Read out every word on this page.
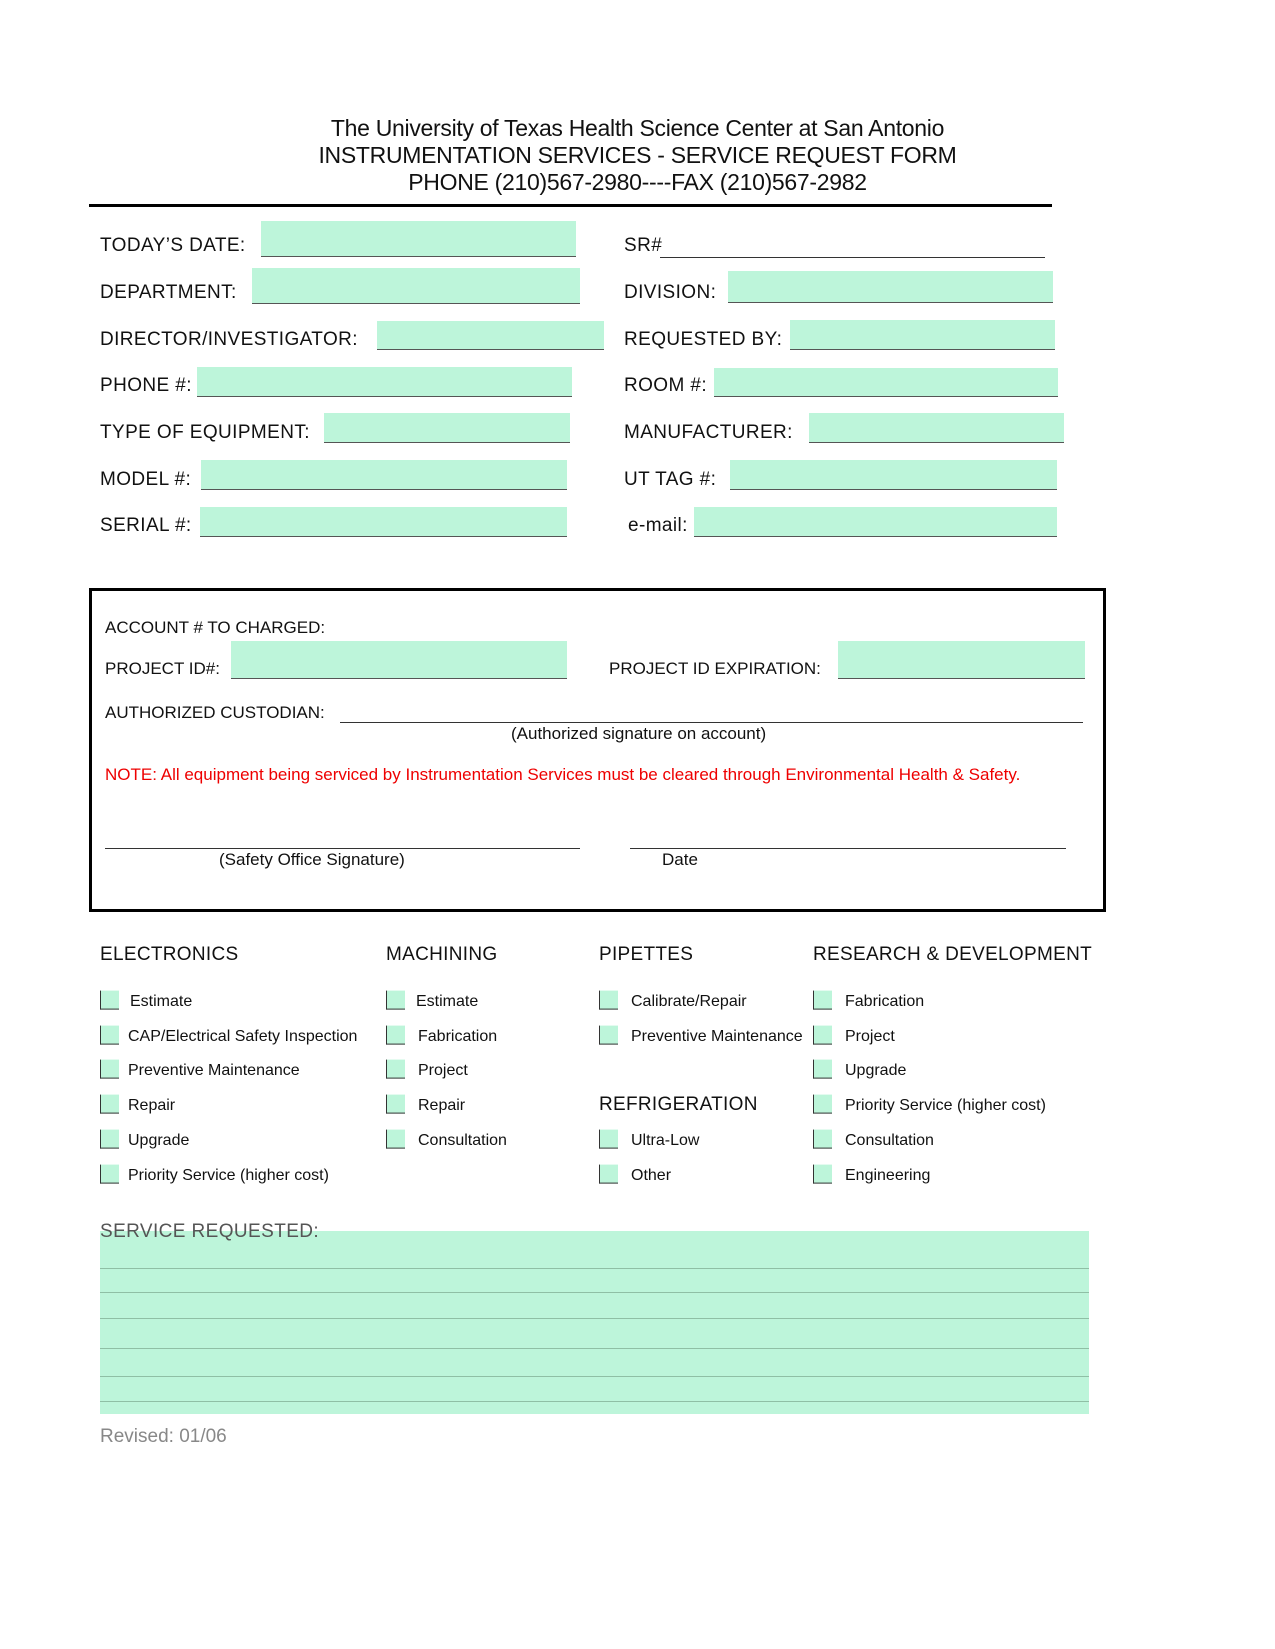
The University of Texas Health Science Center at San Antonio
INSTRUMENTATION SERVICES - SERVICE REQUEST FORM
PHONE (210)567-2980----FAX (210)567-2982
TODAY’S DATE:
DEPARTMENT:
DIRECTOR/INVESTIGATOR:
PHONE #:
TYPE OF EQUIPMENT:
MODEL #:
SERIAL #:
SR#
DIVISION:
REQUESTED BY:
ROOM #:
MANUFACTURER:
UT TAG #:
e-mail:
ACCOUNT # TO CHARGED:
PROJECT ID#:	PROJECT ID EXPIRATION:
AUTHORIZED CUSTODIAN:
(Authorized signature on account)
NOTE: All equipment being serviced by Instrumentation Services must be cleared through Environmental Health & Safety.
(Safety Office Signature)	Date
ELECTRONICS
Estimate
CAP/Electrical Safety Inspection
Preventive Maintenance
Repair
Upgrade
Priority Service (higher cost)
MACHINING
Estimate
Fabrication
Project
Repair
Consultation
PIPETTES
Calibrate/Repair
Preventive Maintenance
RESEARCH & DEVELOPMENT
Fabrication
Project
Upgrade
Priority Service (higher cost)
Consultation
Engineering
REFRIGERATION
Ultra-Low
Other
SERVICE REQUESTED:
Revised: 01/06
